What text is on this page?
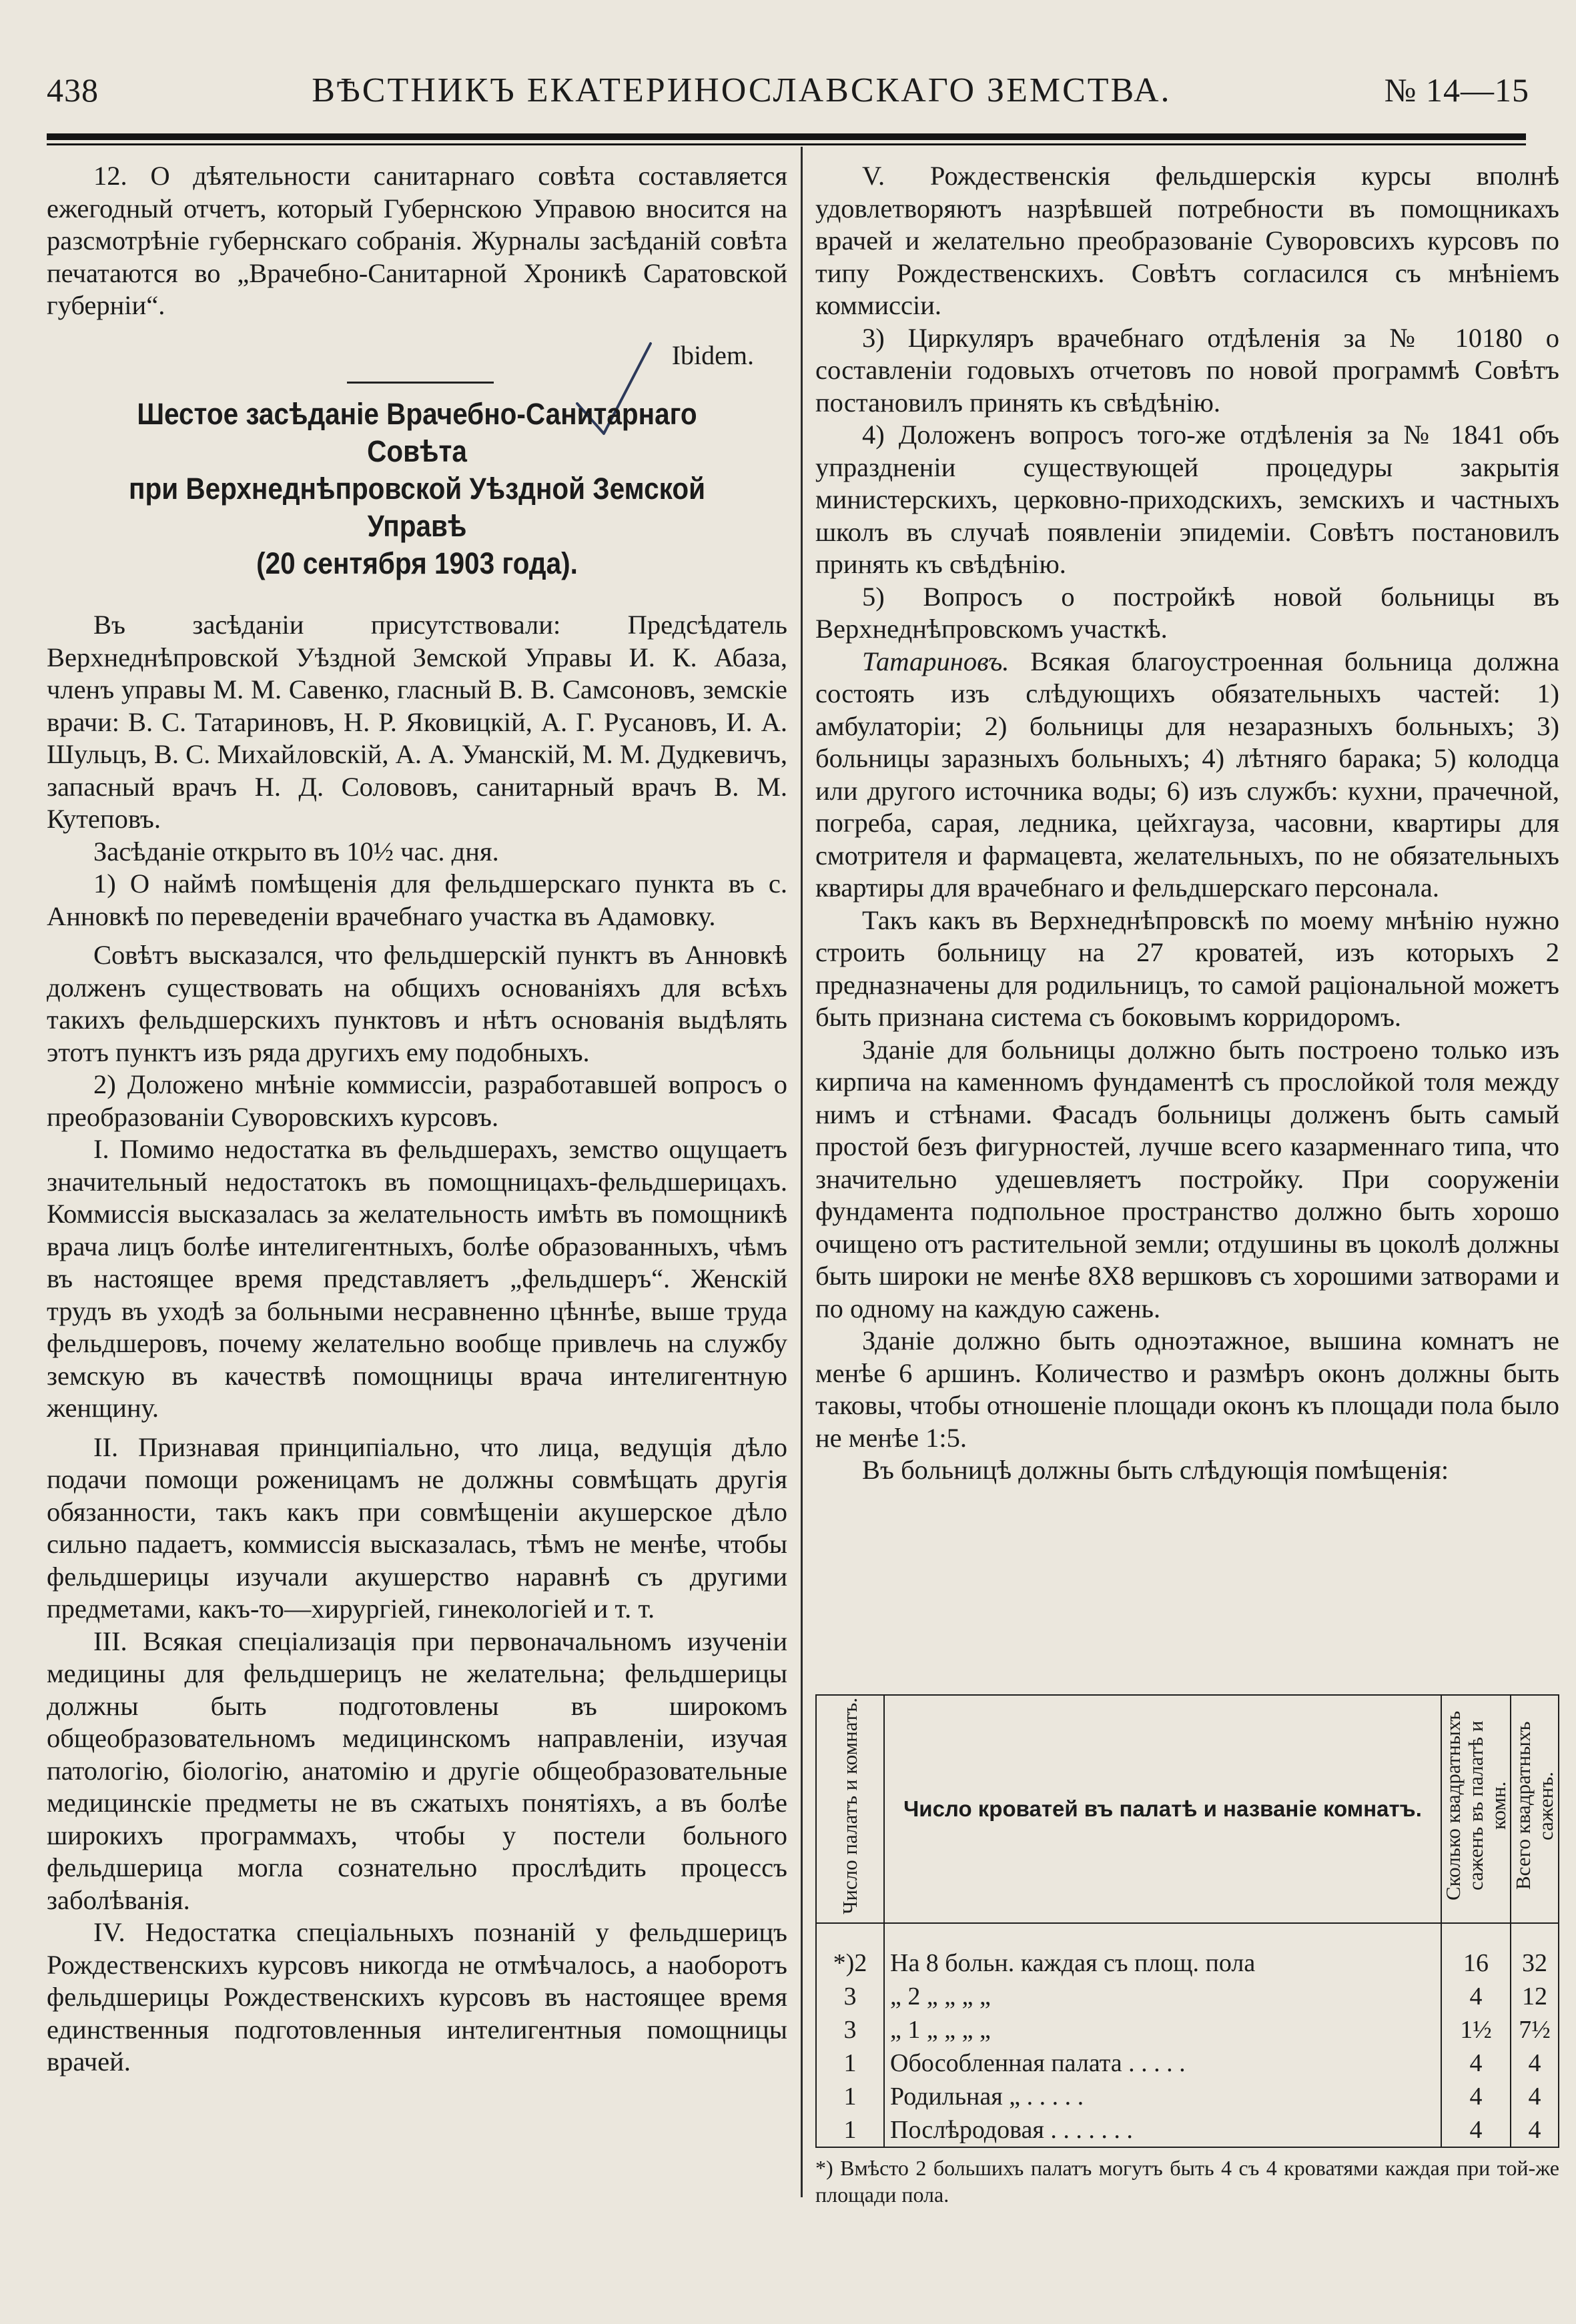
438	ВѢСТНИКЪ ЕКАТЕРИНОСЛАВСКАГО ЗЕМСТВА.	№ 14—15

12. О дѣятельности санитарнаго совѣта составляется ежегодный отчетъ, который Губернскою Управою вносится на разсмотрѣніе губернскаго собранія. Журналы засѣданій совѣта печатаются во „Врачебно-Санитарной Хроникѣ Саратовской губерніи“.

Ibidem.
Шестое засѣданіе Врачебно-Санитарнаго Совѣта
при Верхнеднѣпровской Уѣздной Земской Управѣ
(20 сентября 1903 года).

Въ засѣданіи присутствовали: Предсѣдатель Верхнеднѣпровской Уѣздной Земской Управы И. К. Абаза, членъ управы М. М. Савенко, гласный В. В. Самсоновъ, земскіе врачи: В. С. Татариновъ, Н. Р. Яковицкій, А. Г. Русановъ, И. А. Шульцъ, В. С. Михайловскій, А. А. Уманскій, М. М. Дудкевичъ, запасный врачъ Н. Д. Солововъ, санитарный врачъ В. М. Кутеповъ.

Засѣданіе открыто въ 10½ час. дня.

1) О наймѣ помѣщенія для фельдшерскаго пункта въ с. Анновкѣ по переведеніи врачебнаго участка въ Адамовку.

Совѣтъ высказался, что фельдшерскій пунктъ въ Анновкѣ долженъ существовать на общихъ основаніяхъ для всѣхъ такихъ фельдшерскихъ пунктовъ и нѣтъ основанія выдѣлять этотъ пунктъ изъ ряда другихъ ему подобныхъ.

2) Доложено мнѣніе коммиссіи, разработавшей вопросъ о преобразованіи Суворовскихъ курсовъ.

I. Помимо недостатка въ фельдшерахъ, земство ощущаетъ значительный недостатокъ въ помощницахъ-фельдшерицахъ. Коммиссія высказалась за желательность имѣть въ помощникѣ врача лицъ болѣе интелигентныхъ, болѣе образованныхъ, чѣмъ въ настоящее время представляетъ „фельдшеръ“. Женскій трудъ въ уходѣ за больными несравненно цѣннѣе, выше труда фельдшеровъ, почему желательно вообще привлечь на службу земскую въ качествѣ помощницы врача интелигентную женщину.

II. Признавая принципіально, что лица, ведущія дѣло подачи помощи роженицамъ не должны совмѣщать другія обязанности, такъ какъ при совмѣщеніи акушерское дѣло сильно падаетъ, коммиссія высказалась, тѣмъ не менѣе, чтобы фельдшерицы изучали акушерство наравнѣ съ другими предметами, какъ-то—хирургіей, гинекологіей и т. т.

III. Всякая спеціализація при первоначальномъ изученіи медицины для фельдшерицъ не желательна; фельдшерицы должны быть подготовлены въ широкомъ общеобразовательномъ медицинскомъ направленіи, изучая патологію, біологію, анатомію и другіе общеобразовательные медицинскіе предметы не въ сжатыхъ понятіяхъ, а въ болѣе широкихъ программахъ, чтобы у постели больного фельдшерица могла сознательно прослѣдить процессъ заболѣванія.

IV. Недостатка спеціальныхъ познаній у фельдшерицъ Рождественскихъ курсовъ никогда не отмѣчалось, а наоборотъ фельдшерицы Рождественскихъ курсовъ въ настоящее время единственныя подготовленныя интелигентныя помощницы врачей.

V. Рождественскія фельдшерскія курсы вполнѣ удовлетворяютъ назрѣвшей потребности въ помощникахъ врачей и желательно преобразованіе Суворовсихъ курсовъ по типу Рождественскихъ. Совѣтъ согласился съ мнѣніемъ коммиссіи.

3) Циркуляръ врачебнаго отдѣленія за № 10180 о составленіи годовыхъ отчетовъ по новой программѣ Совѣтъ постановилъ принять къ свѣдѣнію.

4) Доложенъ вопросъ того-же отдѣленія за № 1841 объ упраздненіи существующей процедуры закрытія министерскихъ, церковно-приходскихъ, земскихъ и частныхъ школъ въ случаѣ появленіи эпидеміи. Совѣтъ постановилъ принять къ свѣдѣнію.

5) Вопросъ о постройкѣ новой больницы въ Верхнеднѣпровскомъ участкѣ.

Татариновъ. Всякая благоустроенная больница должна состоять изъ слѣдующихъ обязательныхъ частей: 1) амбулаторіи; 2) больницы для незаразныхъ больныхъ; 3) больницы заразныхъ больныхъ; 4) лѣтняго барака; 5) колодца или другого источника воды; 6) изъ службъ: кухни, прачечной, погреба, сарая, ледника, цейхгауза, часовни, квартиры для смотрителя и фармацевта, желательныхъ, по не обязательныхъ квартиры для врачебнаго и фельдшерскаго персонала.

Такъ какъ въ Верхнеднѣпровскѣ по моему мнѣнію нужно строить больницу на 27 кроватей, изъ которыхъ 2 предназначены для родильницъ, то самой раціональной можетъ быть признана система съ боковымъ корридоромъ.

Зданіе для больницы должно быть построено только изъ кирпича на каменномъ фундаментѣ съ прослойкой толя между нимъ и стѣнами. Фасадъ больницы долженъ быть самый простой безъ фигурностей, лучше всего казарменнаго типа, что значительно удешевляетъ постройку. При сооруженіи фундамента подпольное пространство должно быть хорошо очищено отъ растительной земли; отдушины въ цоколѣ должны быть широки не менѣе 8Х8 вершковъ съ хорошими затворами и по одному на каждую сажень.

Зданіе должно быть одноэтажное, вышина комнатъ не менѣе 6 аршинъ. Количество и размѣръ оконъ должны быть таковы, чтобы отношеніе площади оконъ къ площади пола было не менѣе 1:5.

Въ больницѣ должны быть слѣдующія помѣщенія:

Число палатъ и комнатъ.	Число кроватей въ палатѣ и названіе комнатъ.	Сколько квадратныхъ саженъ въ палатѣ и комн.	Всего квадратныхъ саженъ.
*)2	На 8 больн. каждая съ площ. пола	16	32
3	„ 2 „ „ „ „	4	12
3	„ 1 „ „ „ „	1½	7½
1	Обособленная палата . . . . .	4	4
1	Родильная „ . . . . .	4	4
1	Послѣродовая . . . . . . .	4	4
*) Вмѣсто 2 большихъ палатъ могутъ быть 4 съ 4 кроватями каждая при той-же площади пола.
